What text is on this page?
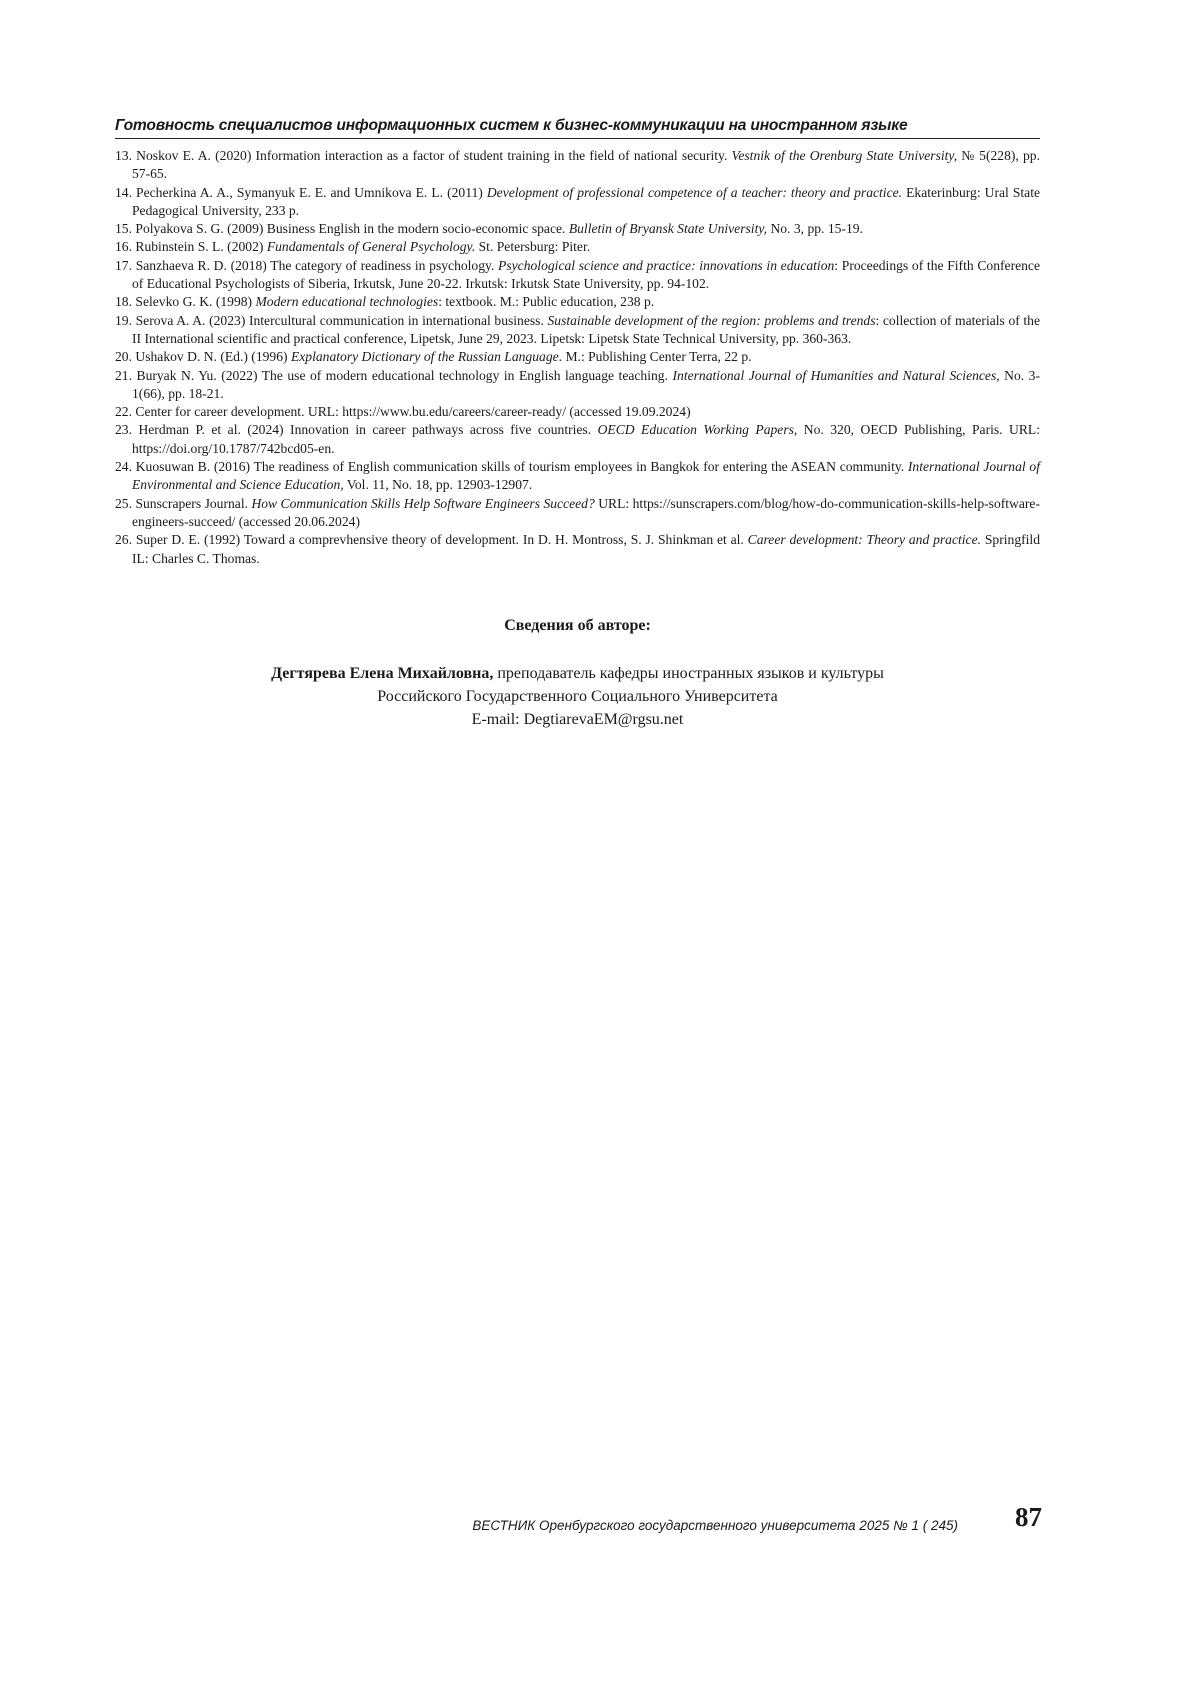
Готовность специалистов информационных систем к бизнес-коммуникации на иностранном языке
13. Noskov E. A. (2020) Information interaction as a factor of student training in the field of national security. Vestnik of the Orenburg State University, № 5(228), pp. 57-65.
14. Pecherkina A. A., Symanyuk E. E. and Umnikova E. L. (2011) Development of professional competence of a teacher: theory and practice. Ekaterinburg: Ural State Pedagogical University, 233 p.
15. Polyakova S. G. (2009) Business English in the modern socio-economic space. Bulletin of Bryansk State University, No. 3, pp. 15-19.
16. Rubinstein S. L. (2002) Fundamentals of General Psychology. St. Petersburg: Piter.
17. Sanzhaeva R. D. (2018) The category of readiness in psychology. Psychological science and practice: innovations in education: Proceedings of the Fifth Conference of Educational Psychologists of Siberia, Irkutsk, June 20-22. Irkutsk: Irkutsk State University, pp. 94-102.
18. Selevko G. K. (1998) Modern educational technologies: textbook. M.: Public education, 238 p.
19. Serova A. A. (2023) Intercultural communication in international business. Sustainable development of the region: problems and trends: collection of materials of the II International scientific and practical conference, Lipetsk, June 29, 2023. Lipetsk: Lipetsk State Technical University, pp. 360-363.
20. Ushakov D. N. (Ed.) (1996) Explanatory Dictionary of the Russian Language. M.: Publishing Center Terra, 22 p.
21. Buryak N. Yu. (2022) The use of modern educational technology in English language teaching. International Journal of Humanities and Natural Sciences, No. 3-1(66), pp. 18-21.
22. Center for career development. URL: https://www.bu.edu/careers/career-ready/ (accessed 19.09.2024)
23. Herdman P. et al. (2024) Innovation in career pathways across five countries. OECD Education Working Papers, No. 320, OECD Publishing, Paris. URL: https://doi.org/10.1787/742bcd05-en.
24. Kuosuwan B. (2016) The readiness of English communication skills of tourism employees in Bangkok for entering the ASEAN community. International Journal of Environmental and Science Education, Vol. 11, No. 18, pp. 12903-12907.
25. Sunscrapers Journal. How Communication Skills Help Software Engineers Succeed? URL: https://sunscrapers.com/blog/how-do-communication-skills-help-software-engineers-succeed/ (accessed 20.06.2024)
26. Super D. E. (1992) Toward a comprevhensive theory of development. In D. H. Montross, S. J. Shinkman et al. Career development: Theory and practice. Springfild IL: Charles C. Thomas.
Сведения об авторе:
Дегтярева Елена Михайловна, преподаватель кафедры иностранных языков и культуры
Российского Государственного Социального Университета
E-mail: DegtiarevaEM@rgsu.net
ВЕСТНИК Оренбургского государственного университета 2025 № 1 ( 245)	87
